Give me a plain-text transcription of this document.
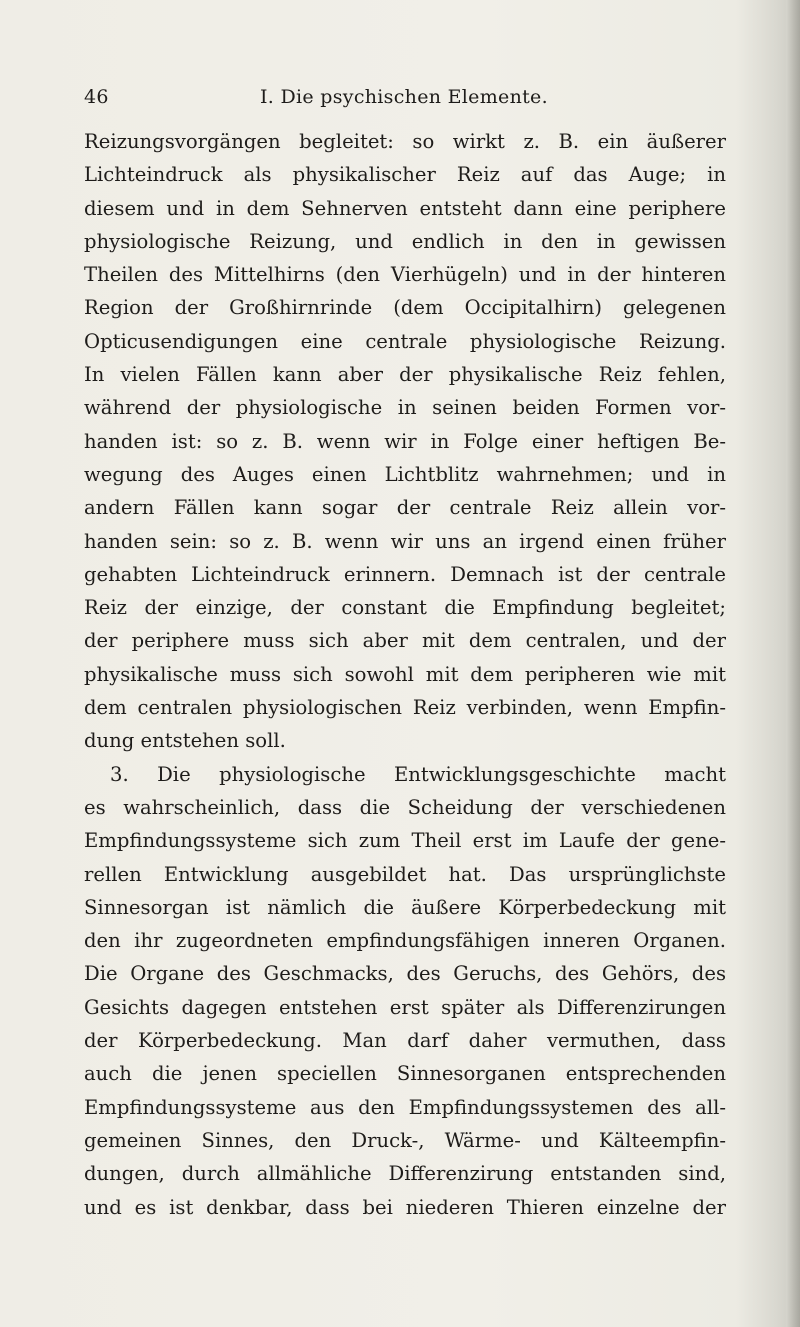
46	I. Die psychischen Elemente.
Reizungsvorgängen begleitet: so wirkt z. B. ein äußerer
Lichteindruck als physikalischer Reiz auf das Auge; in
diesem und in dem Sehnerven entsteht dann eine periphere
physiologische Reizung, und endlich in den in gewissen
Theilen des Mittelhirns (den Vierhügeln) und in der hinteren
Region der Großhirnrinde (dem Occipitalhirn) gelegenen
Opticusendigungen eine centrale physiologische Reizung.
In vielen Fällen kann aber der physikalische Reiz fehlen,
während der physiologische in seinen beiden Formen vor-
handen ist: so z. B. wenn wir in Folge einer heftigen Be-
wegung des Auges einen Lichtblitz wahrnehmen; und in
andern Fällen kann sogar der centrale Reiz allein vor-
handen sein: so z. B. wenn wir uns an irgend einen früher
gehabten Lichteindruck erinnern. Demnach ist der centrale
Reiz der einzige, der constant die Empfindung begleitet;
der periphere muss sich aber mit dem centralen, und der
physikalische muss sich sowohl mit dem peripheren wie mit
dem centralen physiologischen Reiz verbinden, wenn Empfin-
dung entstehen soll.
3. Die physiologische Entwicklungsgeschichte macht
es wahrscheinlich, dass die Scheidung der verschiedenen
Empfindungssysteme sich zum Theil erst im Laufe der gene-
rellen Entwicklung ausgebildet hat. Das ursprünglichste
Sinnesorgan ist nämlich die äußere Körperbedeckung mit
den ihr zugeordneten empfindungsfähigen inneren Organen.
Die Organe des Geschmacks, des Geruchs, des Gehörs, des
Gesichts dagegen entstehen erst später als Differenzirungen
der Körperbedeckung. Man darf daher vermuthen, dass
auch die jenen speciellen Sinnesorganen entsprechenden
Empfindungssysteme aus den Empfindungssystemen des all-
gemeinen Sinnes, den Druck-, Wärme- und Kälteempfin-
dungen, durch allmähliche Differenzirung entstanden sind,
und es ist denkbar, dass bei niederen Thieren einzelne der
